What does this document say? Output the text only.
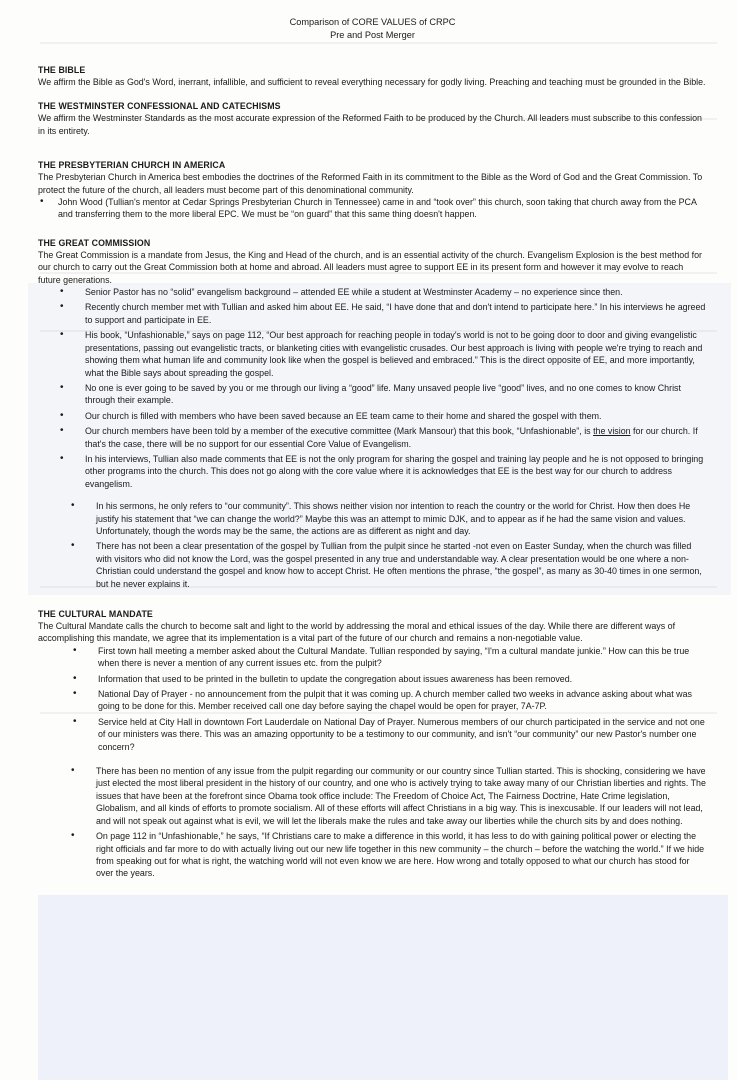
Comparison of CORE VALUES of CRPC
Pre and Post Merger
THE BIBLE
We affirm the Bible as God's Word, inerrant, infallible, and sufficient to reveal everything necessary for godly living. Preaching and teaching must be grounded in the Bible.
THE WESTMINSTER CONFESSIONAL AND CATECHISMS
We affirm the Westminster Standards as the most accurate expression of the Reformed Faith to be produced by the Church. All leaders must subscribe to this confession in its entirety.
THE PRESBYTERIAN CHURCH IN AMERICA
The Presbyterian Church in America best embodies the doctrines of the Reformed Faith in its commitment to the Bible as the Word of God and the Great Commission. To protect the future of the church, all leaders must become part of this denominational community.
• John Wood (Tullian's mentor at Cedar Springs Presbyterian Church in Tennessee) came in and “took over” this church, soon taking that church away from the PCA and transferring them to the more liberal EPC. We must be “on guard” that this same thing doesn't happen.
THE GREAT COMMISSION
The Great Commission is a mandate from Jesus, the King and Head of the church, and is an essential activity of the church. Evangelism Explosion is the best method for our church to carry out the Great Commission both at home and abroad. All leaders must agree to support EE in its present form and however it may evolve to reach future generations.
• Senior Pastor has no “solid” evangelism background – attended EE while a student at Westminster Academy – no experience since then.
• Recently church member met with Tullian and asked him about EE. He said, “I have done that and don't intend to participate here.” In his interviews he agreed to support and participate in EE.
• His book, “Unfashionable,” says on page 112, “Our best approach for reaching people in today's world is not to be going door to door and giving evangelistic presentations, passing out evangelistic tracts, or blanketing cities with evangelistic crusades. Our best approach is living with people we're trying to reach and showing them what human life and community look like when the gospel is believed and embraced.” This is the direct opposite of EE, and more importantly, what the Bible says about spreading the gospel.
• No one is ever going to be saved by you or me through our living a “good” life. Many unsaved people live “good” lives, and no one comes to know Christ through their example.
• Our church is filled with members who have been saved because an EE team came to their home and shared the gospel with them.
• Our church members have been told by a member of the executive committee (Mark Mansour) that this book, “Unfashionable”, is the vision for our church. If that's the case, there will be no support for our essential Core Value of Evangelism.
• In his interviews, Tullian also made comments that EE is not the only program for sharing the gospel and training lay people and he is not opposed to bringing other programs into the church. This does not go along with the core value where it is acknowledges that EE is the best way for our church to address evangelism.
• In his sermons, he only refers to “our community”. This shows neither vision nor intention to reach the country or the world for Christ. How then does He justify his statement that “we can change the world?” Maybe this was an attempt to mimic DJK, and to appear as if he had the same vision and values. Unfortunately, though the words may be the same, the actions are as different as night and day.
• There has not been a clear presentation of the gospel by Tullian from the pulpit since he started -not even on Easter Sunday, when the church was filled with visitors who did not know the Lord, was the gospel presented in any true and understandable way. A clear presentation would be one where a non-Christian could understand the gospel and know how to accept Christ. He often mentions the phrase, “the gospel”, as many as 30-40 times in one sermon, but he never explains it.
THE CULTURAL MANDATE
The Cultural Mandate calls the church to become salt and light to the world by addressing the moral and ethical issues of the day. While there are different ways of accomplishing this mandate, we agree that its implementation is a vital part of the future of our church and remains a non-negotiable value.
• First town hall meeting a member asked about the Cultural Mandate. Tullian responded by saying, “I'm a cultural mandate junkie.” How can this be true when there is never a mention of any current issues etc. from the pulpit?
• Information that used to be printed in the bulletin to update the congregation about issues awareness has been removed.
• National Day of Prayer - no announcement from the pulpit that it was coming up. A church member called two weeks in advance asking about what was going to be done for this. Member received call one day before saying the chapel would be open for prayer, 7A-7P.
• Service held at City Hall in downtown Fort Lauderdale on National Day of Prayer. Numerous members of our church participated in the service and not one of our ministers was there. This was an amazing opportunity to be a testimony to our community, and isn't “our community” our new Pastor's number one concern?
• There has been no mention of any issue from the pulpit regarding our community or our country since Tullian started. This is shocking, considering we have just elected the most liberal president in the history of our country, and one who is actively trying to take away many of our Christian liberties and rights. The issues that have been at the forefront since Obama took office include: The Freedom of Choice Act, The Fairness Doctrine, Hate Crime legislation, Globalism, and all kinds of efforts to promote socialism. All of these efforts will affect Christians in a big way. This is inexcusable. If our leaders will not lead, and will not speak out against what is evil, we will let the liberals make the rules and take away our liberties while the church sits by and does nothing.
• On page 112 in “Unfashionable,” he says, “If Christians care to make a difference in this world, it has less to do with gaining political power or electing the right officials and far more to do with actually living out our new life together in this new community – the church – before the watching the world.” If we hide from speaking out for what is right, the watching world will not even know we are here. How wrong and totally opposed to what our church has stood for over the years.
